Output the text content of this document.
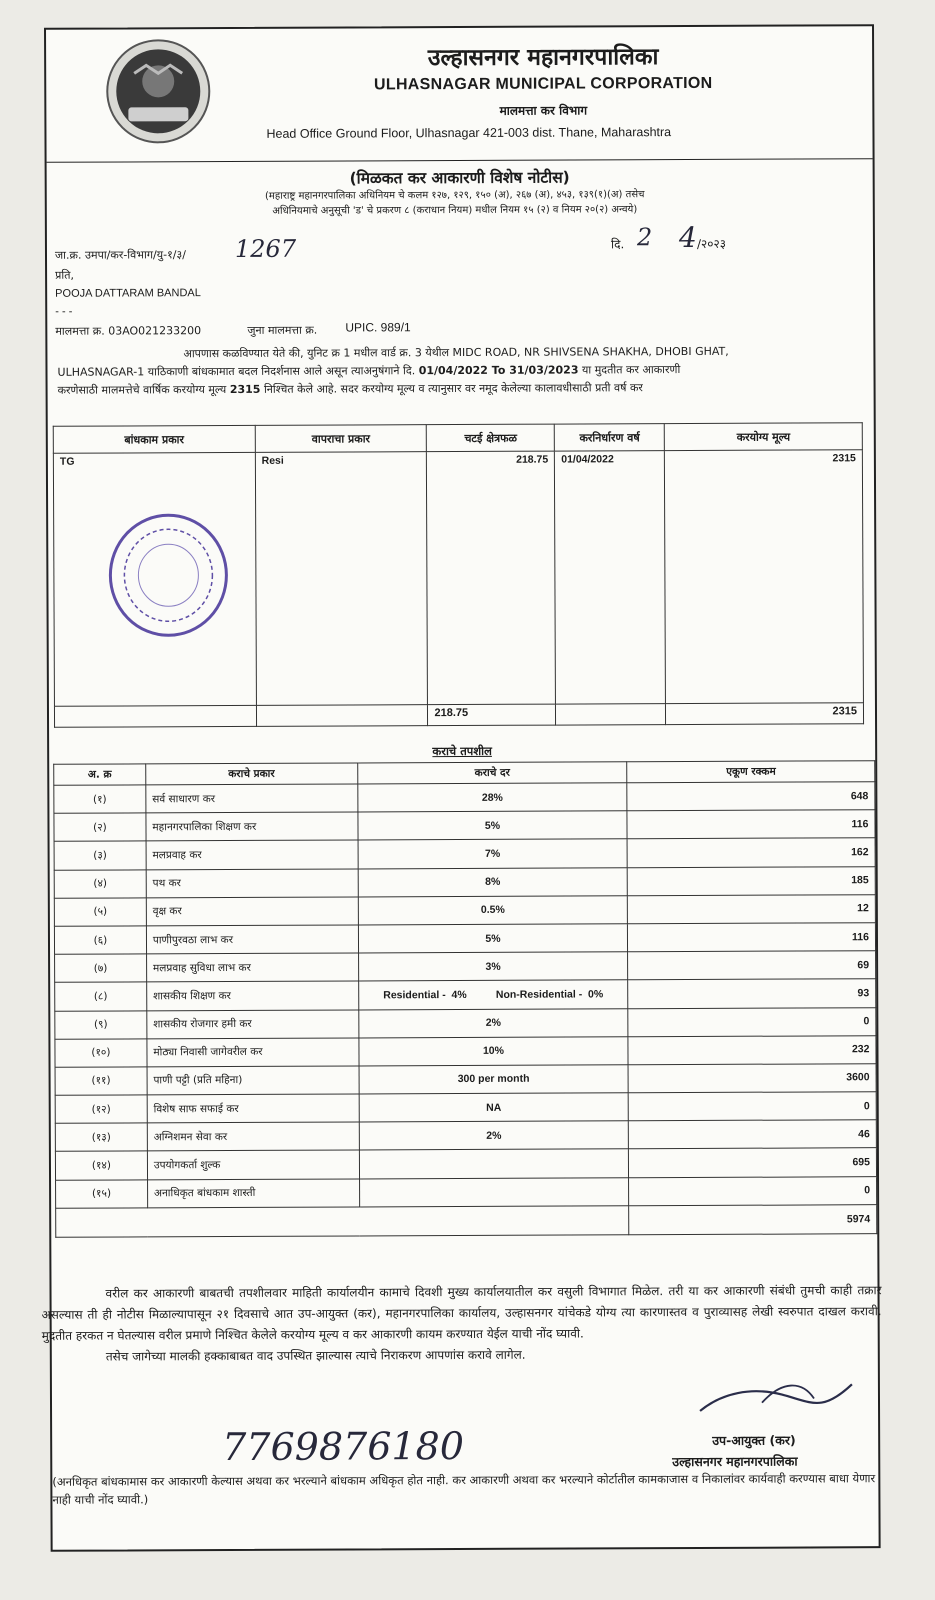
उल्हासनगर महानगरपालिका
ULHASNAGAR MUNICIPAL CORPORATION
मालमत्ता कर विभाग
Head Office Ground Floor, Ulhasnagar 421-003 dist. Thane, Maharashtra
(मिळकत कर आकारणी विशेष नोटीस)
(महाराष्ट्र महानगरपालिका अधिनियम चे कलम १२७, १२९, १५० (अ), २६७ (अ), ४५३, १३९(१)(अ) तसेच
अधिनियमाचे अनुसूची 'ड' चे प्रकरण ८ (कराधान नियम) मधील नियम १५ (२) व नियम २०(२) अन्वये)
जा.क्र. उमपा/कर-विभाग/यु-१/३/ 1267	दि. 2 4 /२०२३
प्रति,
POOJA DATTARAM BANDAL
- - -
मालमत्ता क्र. 03AO021233200	जुना मालमत्ता क्र. UPIC. 989/1
आपणास कळविण्यात येते की, युनिट क्र 1 मधील वार्ड क्र. 3 येथील MIDC ROAD, NR SHIVSENA SHAKHA, DHOBI GHAT,
ULHASNAGAR-1 याठिकाणी बांधकामात बदल निदर्शनास आले असून त्याअनुषंगाने दि. 01/04/2022 To 31/03/2023 या मुदतीत कर आकारणी
करणेसाठी मालमत्तेचे वार्षिक करयोग्य मूल्य 2315 निश्चित केले आहे. सदर करयोग्य मूल्य व त्यानुसार वर नमूद केलेल्या कालावधीसाठी प्रती वर्ष कर
बांधकाम प्रकार	वापराचा प्रकार	चटई क्षेत्रफळ	करनिर्धारण वर्ष	करयोग्य मूल्य
TG	Resi	218.75	01/04/2022	2315
		218.75		2315
कराचे तपशील
अ. क्र	कराचे प्रकार	कराचे दर	एकूण रक्कम
(१)	सर्व साधारण कर	28%	648
(२)	महानगरपालिका शिक्षण कर	5%	116
(३)	मलप्रवाह कर	7%	162
(४)	पथ कर	8%	185
(५)	वृक्ष कर	0.5%	12
(६)	पाणीपुरवठा लाभ कर	5%	116
(७)	मलप्रवाह सुविधा लाभ कर	3%	69
(८)	शासकीय शिक्षण कर	Residential -  4%          Non-Residential -  0%	93
(९)	शासकीय रोजगार हमी कर	2%	0
(१०)	मोठ्या निवासी जागेवरील कर	10%	232
(११)	पाणी पट्टी (प्रति महिना)	300 per month	3600
(१२)	विशेष साफ सफाई कर	NA	0
(१३)	अग्निशमन सेवा कर	2%	46
(१४)	उपयोगकर्ता शुल्क		695
(१५)	अनाधिकृत बांधकाम शास्ती		0
			5974
वरील कर आकारणी बाबतची तपशीलवार माहिती कार्यालयीन कामाचे दिवशी मुख्य कार्यालयातील कर वसुली विभागात मिळेल. तरी या कर आकारणी संबंधी तुमची काही तक्रार असल्यास ती ही नोटीस मिळाल्यापासून २१ दिवसाचे आत उप-आयुक्त (कर), महानगरपालिका कार्यालय, उल्हासनगर यांचेकडे योग्य त्या कारणास्तव व पुराव्यासह लेखी स्वरुपात दाखल करावी. मुदतीत हरकत न घेतल्यास वरील प्रमाणे निश्चित केलेले करयोग्य मूल्य व कर आकारणी कायम करण्यात येईल याची नोंद घ्यावी.
तसेच जागेच्या मालकी हक्काबाबत वाद उपस्थित झाल्यास त्याचे निराकरण आपणांस करावे लागेल.
उप-आयुक्त (कर)
उल्हासनगर महानगरपालिका
7769876180
(अनधिकृत बांधकामास कर आकारणी केल्यास अथवा कर भरल्याने बांधकाम अधिकृत होत नाही. कर आकारणी अथवा कर भरल्याने कोर्टातील कामकाजास व निकालांवर कार्यवाही करण्यास बाधा येणार नाही याची नोंद घ्यावी.)
